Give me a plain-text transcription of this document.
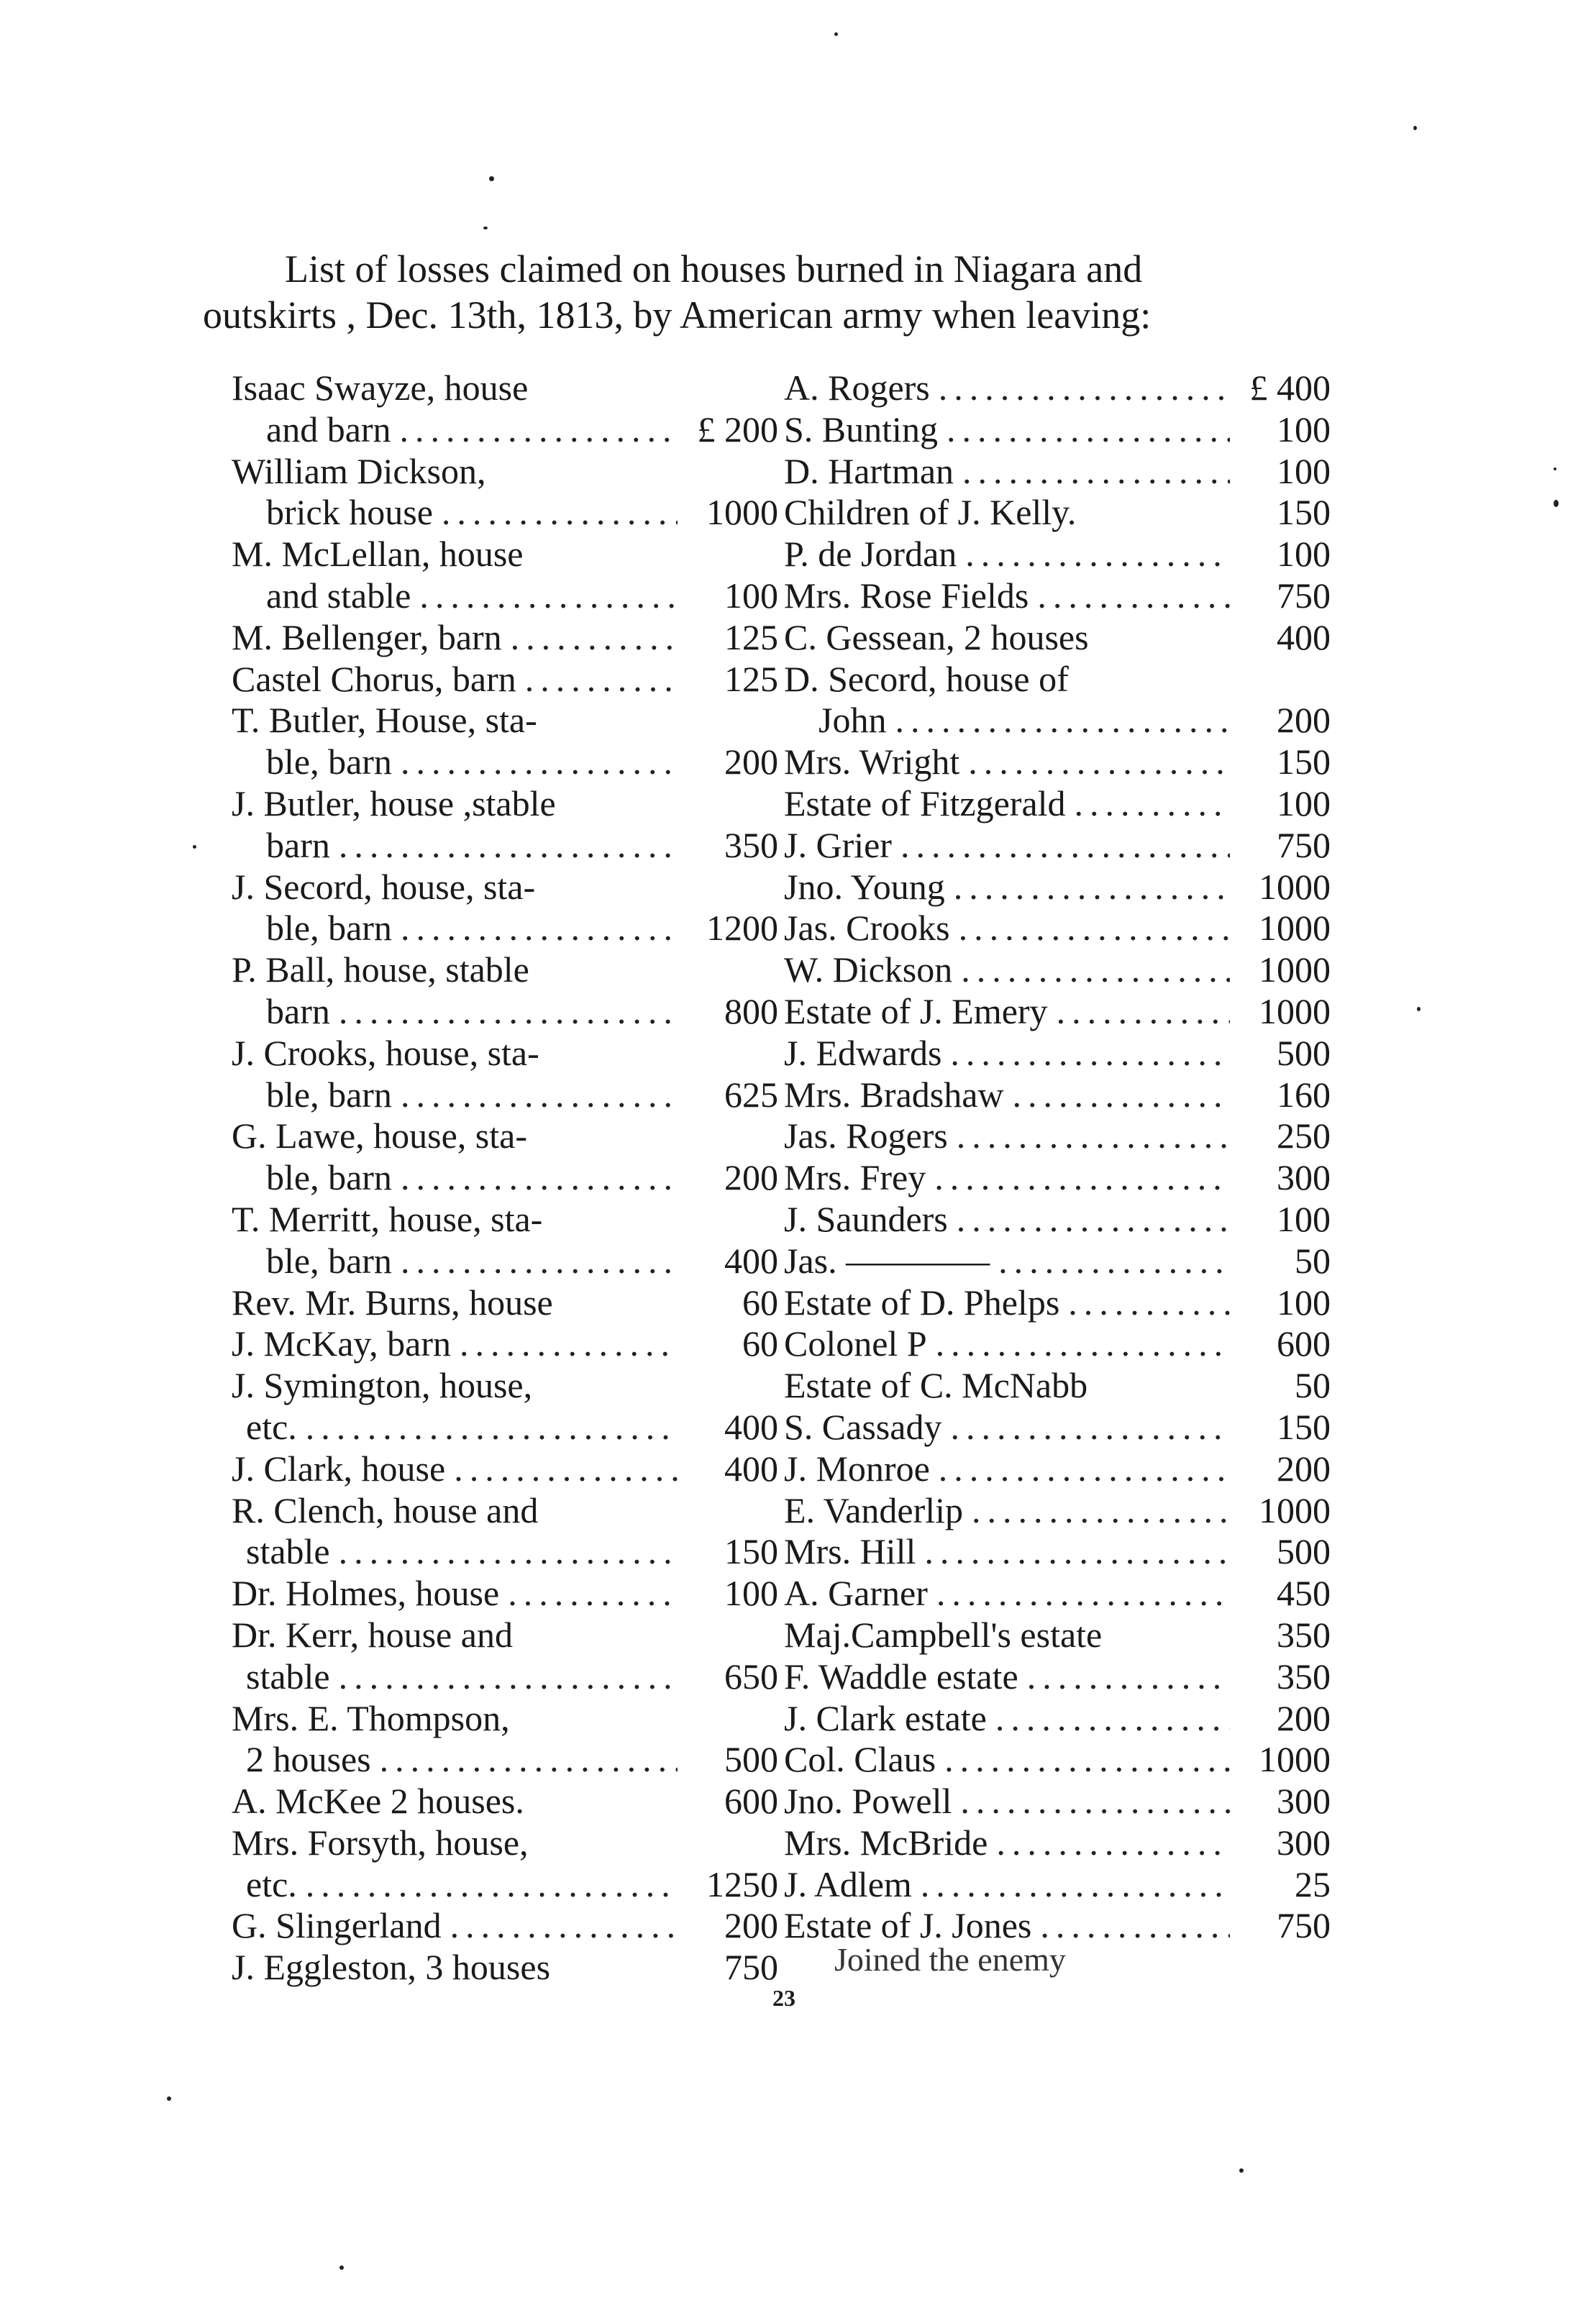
List of losses claimed on houses burned in Niagara and
outskirts , Dec. 13th, 1813, by American army when leaving:
Isaac Swayze, house
and barn .....	£ 200
William Dickson,
brick house .....	1000
M. McLellan, house
and stable .....	100
M. Bellenger, barn .....	125
Castel Chorus, barn .....	125
T. Butler, House, sta-
ble, barn .....	200
J. Butler, house ,stable
barn .....	350
J. Secord, house, sta-
ble, barn .....	1200
P. Ball, house, stable
barn .....	800
J. Crooks, house, sta-
ble, barn .....	625
G. Lawe, house, sta-
ble, barn .....	200
T. Merritt, house, sta-
ble, barn .....	400
Rev. Mr. Burns, house	60
J. McKay, barn .....	60
J. Symington, house,
etc. .....	400
J. Clark, house .....	400
R. Clench, house and
stable .....	150
Dr. Holmes, house .....	100
Dr. Kerr, house and
stable .....	650
Mrs. E. Thompson,
2 houses .....	500
A. McKee 2 houses.	600
Mrs. Forsyth, house,
etc. .....	1250
G. Slingerland .....	200
J. Eggleston, 3 houses	750
A. Rogers .....	£ 400
S. Bunting .....	100
D. Hartman .....	100
Children of J. Kelly.	150
P. de Jordan .....	100
Mrs. Rose Fields .....	750
C. Gessean, 2 houses	400
D. Secord, house of
John .....	200
Mrs. Wright .....	150
Estate of Fitzgerald .....	100
J. Grier .....	750
Jno. Young .....	1000
Jas. Crooks .....	1000
W. Dickson .....	1000
Estate of J. Emery .....	1000
J. Edwards .....	500
Mrs. Bradshaw .....	160
Jas. Rogers .....	250
Mrs. Frey .....	300
J. Saunders .....	100
Jas. ———— .....	50
Estate of D. Phelps .....	100
Colonel P .....	600
Estate of C. McNabb	50
S. Cassady .....	150
J. Monroe .....	200
E. Vanderlip .....	1000
Mrs. Hill .....	500
A. Garner .....	450
Maj.Campbell's estate	350
F. Waddle estate .....	350
J. Clark estate .....	200
Col. Claus .....	1000
Jno. Powell .....	300
Mrs. McBride .....	300
J. Adlem .....	25
Estate of J. Jones .....	750
Joined the enemy
23
